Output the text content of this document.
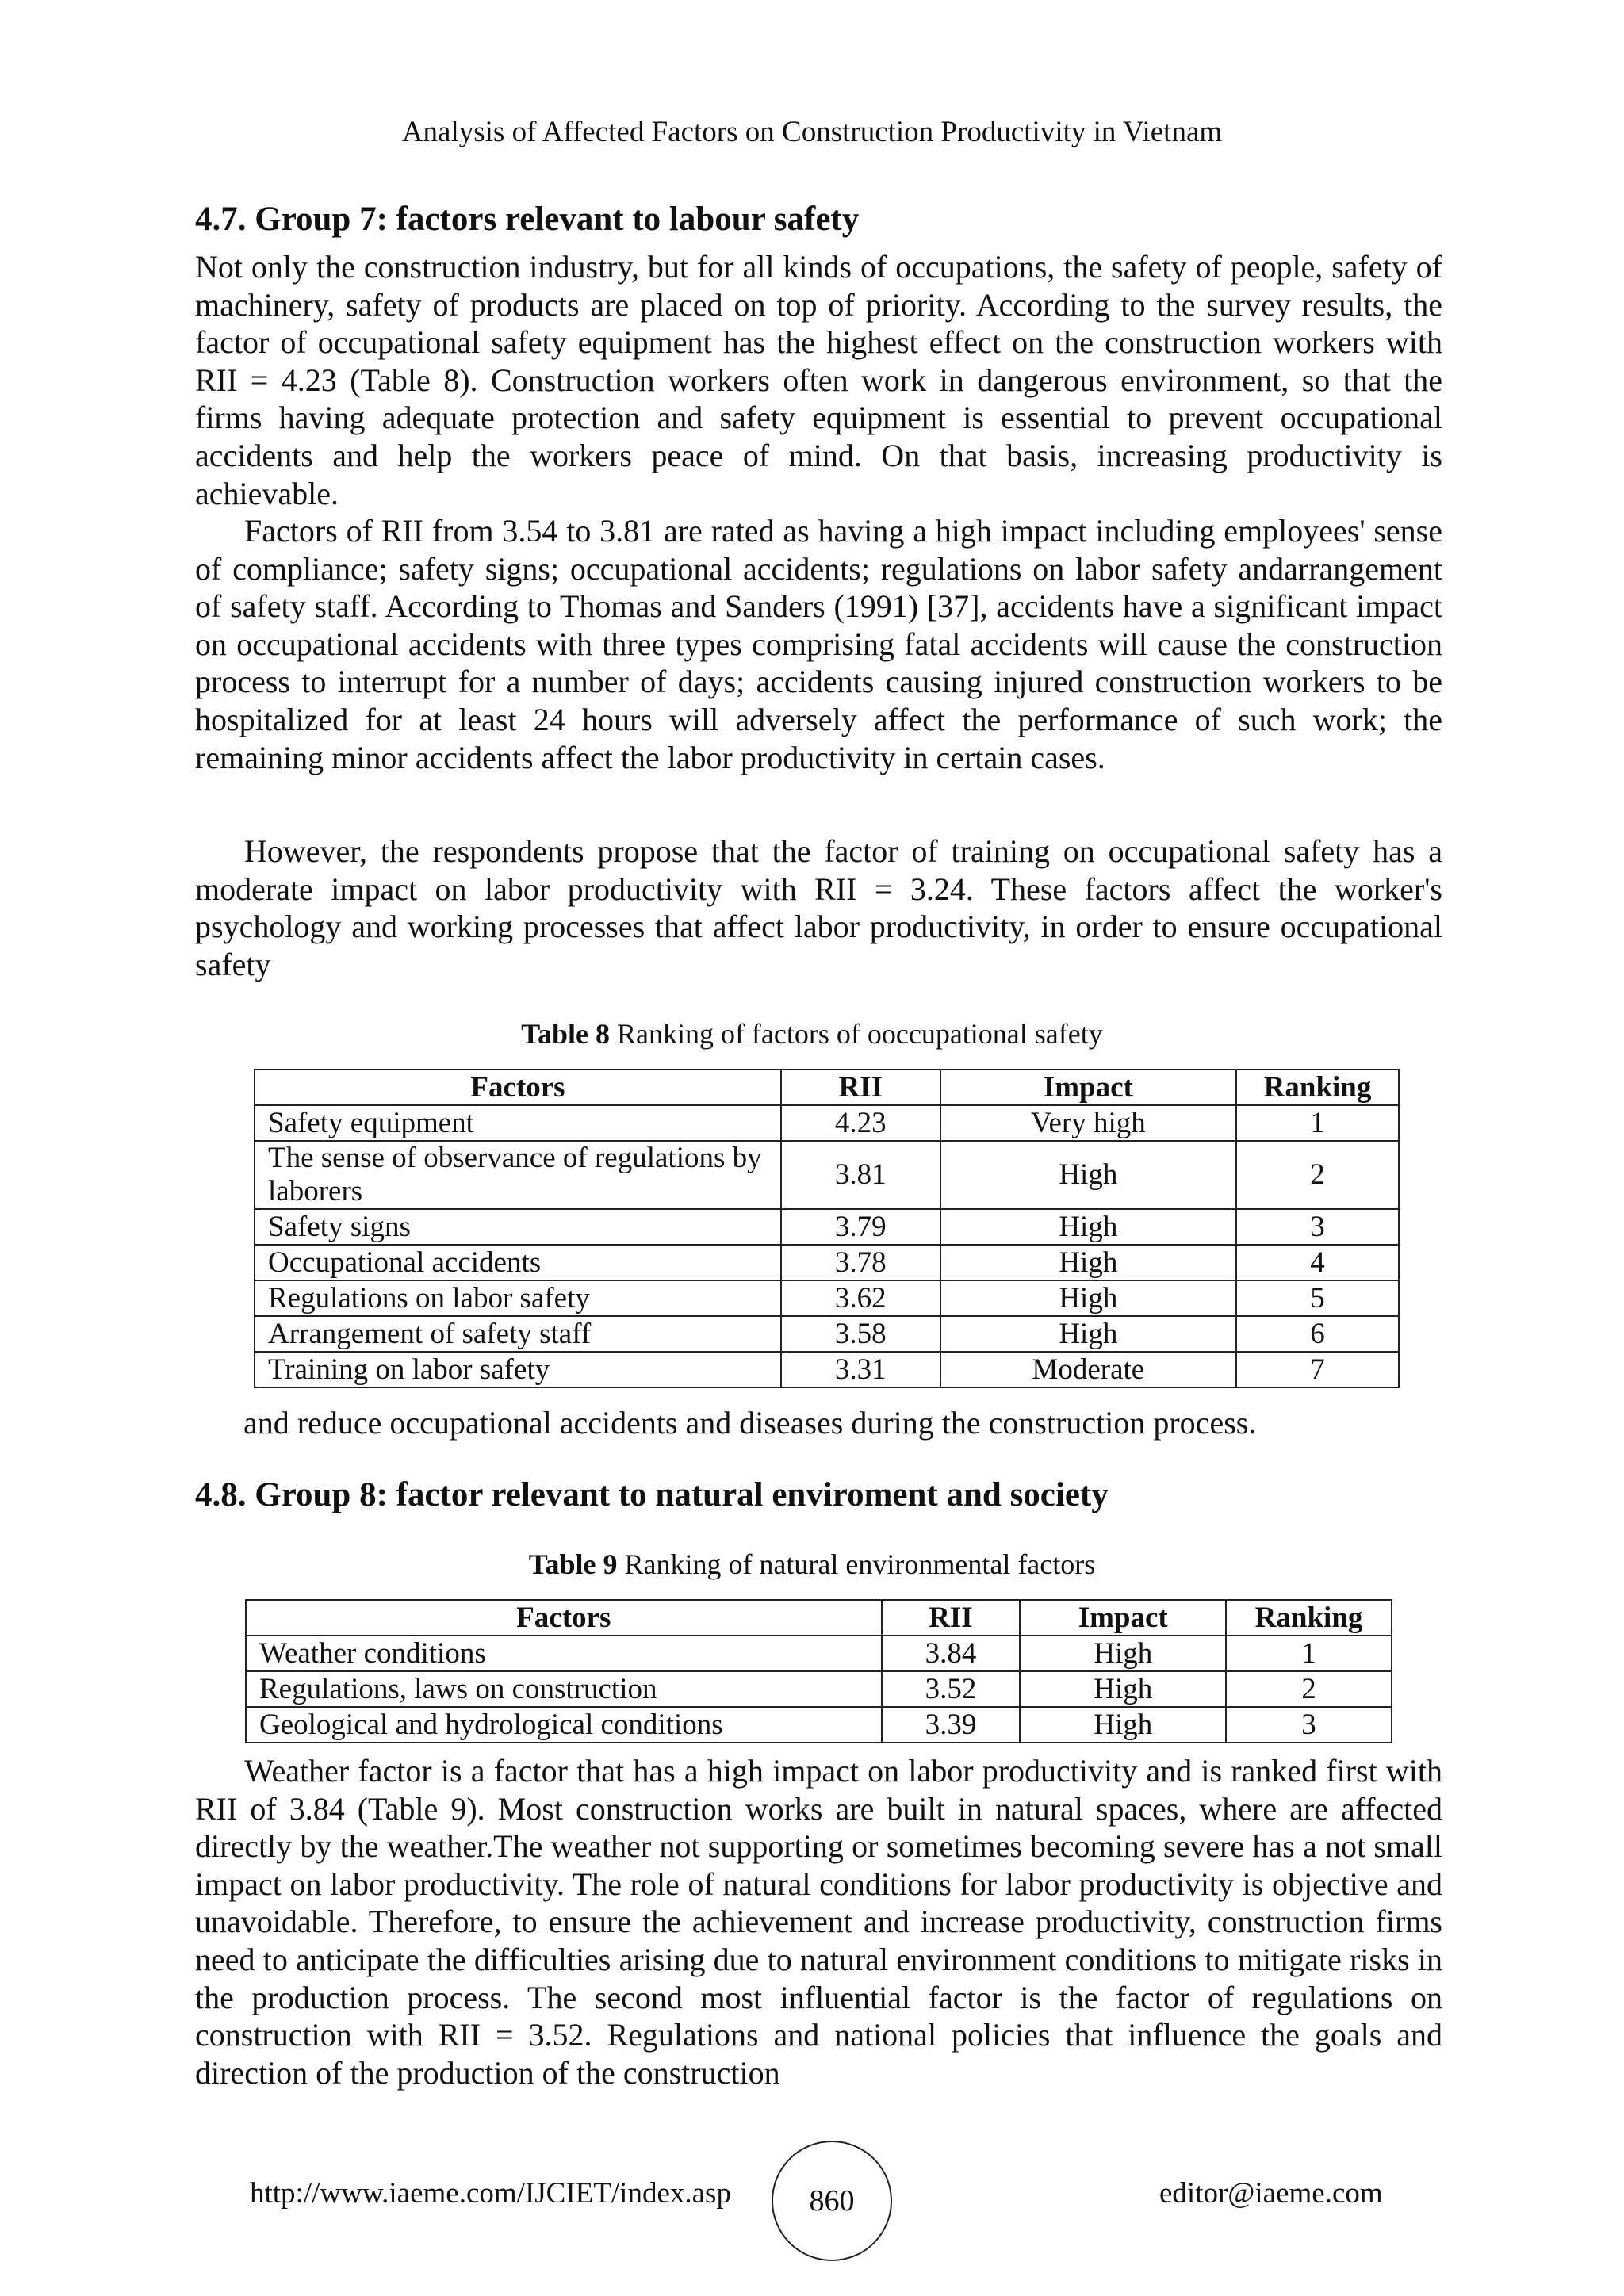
Analysis of Affected Factors on Construction Productivity in Vietnam
4.7. Group 7: factors relevant to labour safety

Not only the construction industry, but for all kinds of occupations, the safety of people, safety of machinery, safety of products are placed on top of priority. According to the survey results, the factor of occupational safety equipment has the highest effect on the construction workers with RII = 4.23 (Table 8). Construction workers often work in dangerous environment, so that the firms having adequate protection and safety equipment is essential to prevent occupational accidents and help the workers peace of mind. On that basis, increasing productivity is achievable.

Factors of RII from 3.54 to 3.81 are rated as having a high impact including employees' sense of compliance; safety signs; occupational accidents; regulations on labor safety andarrangement of safety staff. According to Thomas and Sanders (1991) [37], accidents have a significant impact on occupational accidents with three types comprising fatal accidents will cause the construction process to interrupt for a number of days; accidents causing injured construction workers to be hospitalized for at least 24 hours will adversely affect the performance of such work; the remaining minor accidents affect the labor productivity in certain cases.

However, the respondents propose that the factor of training on occupational safety has a moderate impact on labor productivity with RII = 3.24. These factors affect the worker's psychology and working processes that affect labor productivity, in order to ensure occupational safety

Table 8 Ranking of factors of ooccupational safety
Factors	RII	Impact	Ranking
Safety equipment	4.23	Very high	1
The sense of observance of regulations by laborers	3.81	High	2
Safety signs	3.79	High	3
Occupational accidents	3.78	High	4
Regulations on labor safety	3.62	High	5
Arrangement of safety staff	3.58	High	6
Training on labor safety	3.31	Moderate	7
and reduce occupational accidents and diseases during the construction process.
4.8. Group 8: factor relevant to natural enviroment and society
Table 9 Ranking of natural environmental factors
Factors	RII	Impact	Ranking
Weather conditions	3.84	High	1
Regulations, laws on construction	3.52	High	2
Geological and hydrological conditions	3.39	High	3

Weather factor is a factor that has a high impact on labor productivity and is ranked first with RII of 3.84 (Table 9). Most construction works are built in natural spaces, where are affected directly by the weather.The weather not supporting or sometimes becoming severe has a not small impact on labor productivity. The role of natural conditions for labor productivity is objective and unavoidable. Therefore, to ensure the achievement and increase productivity, construction firms need to anticipate the difficulties arising due to natural environment conditions to mitigate risks in the production process. The second most influential factor is the factor of regulations on construction with RII = 3.52. Regulations and national policies that influence the goals and direction of the production of the construction

http://www.iaeme.com/IJCIET/index.asp	860	editor@iaeme.com
